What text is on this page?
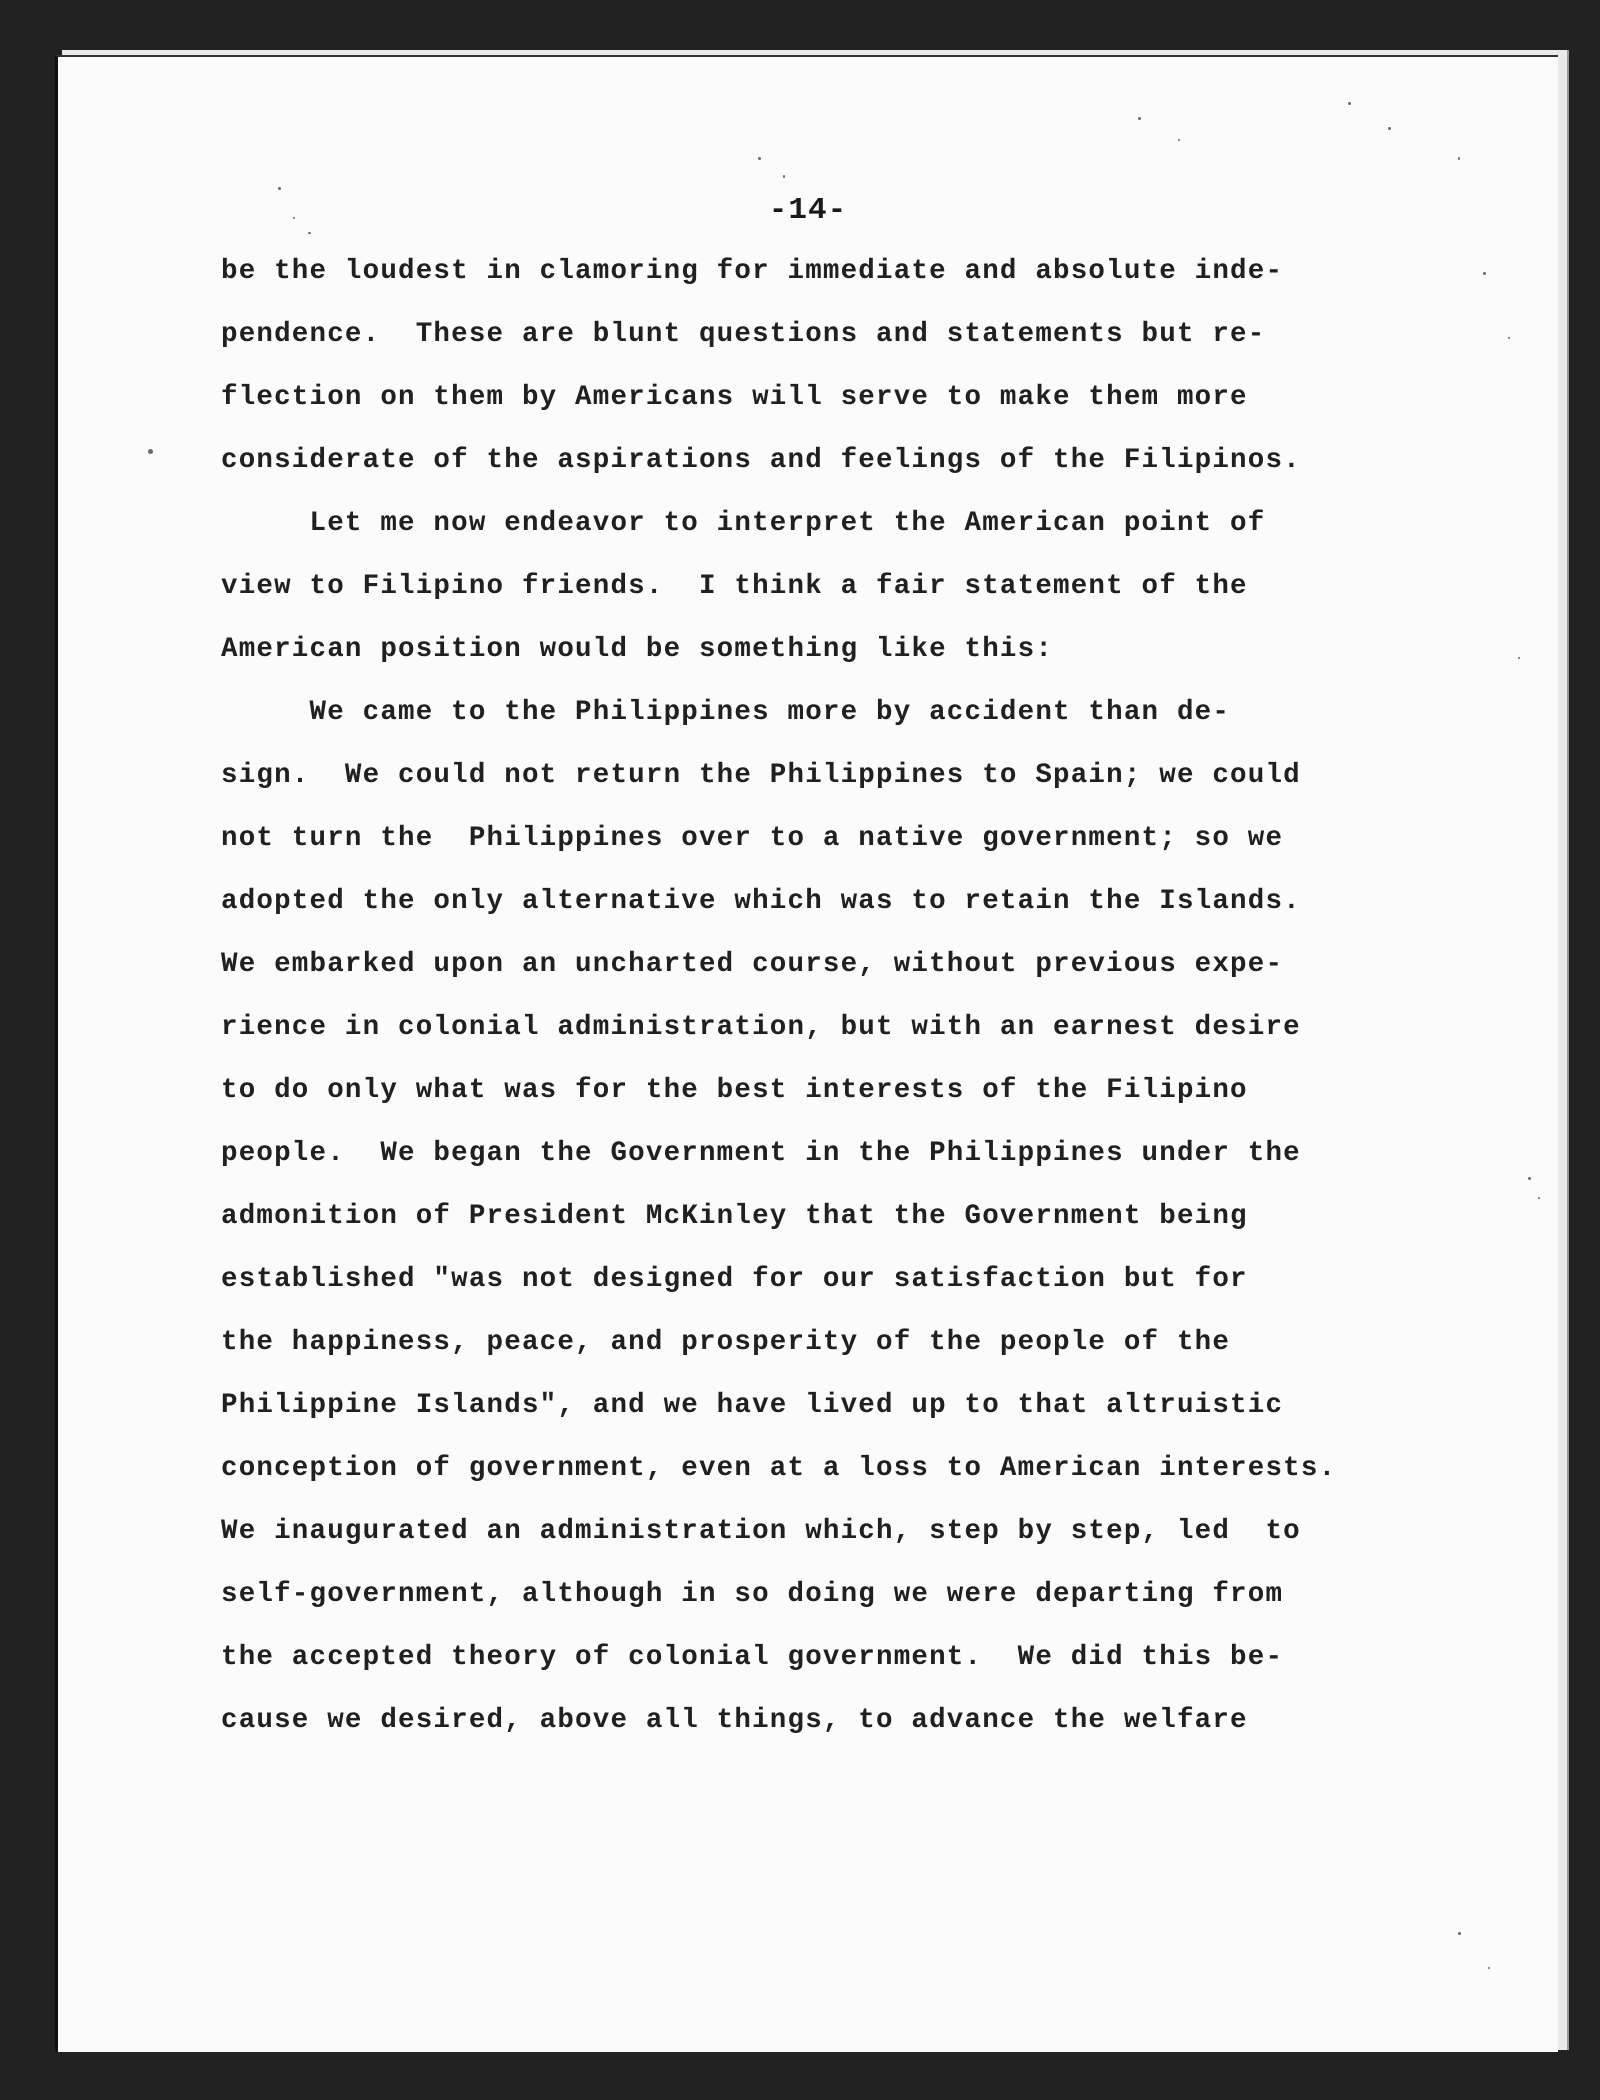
-14-
be the loudest in clamoring for immediate and absolute inde-
pendence.  These are blunt questions and statements but re-
flection on them by Americans will serve to make them more
considerate of the aspirations and feelings of the Filipinos.
Let me now endeavor to interpret the American point of
view to Filipino friends.  I think a fair statement of the
American position would be something like this:
We came to the Philippines more by accident than de-
sign.  We could not return the Philippines to Spain; we could
not turn the  Philippines over to a native government; so we
adopted the only alternative which was to retain the Islands.
We embarked upon an uncharted course, without previous expe-
rience in colonial administration, but with an earnest desire
to do only what was for the best interests of the Filipino
people.  We began the Government in the Philippines under the
admonition of President McKinley that the Government being
established "was not designed for our satisfaction but for
the happiness, peace, and prosperity of the people of the
Philippine Islands", and we have lived up to that altruistic
conception of government, even at a loss to American interests.
We inaugurated an administration which, step by step, led  to
self-government, although in so doing we were departing from
the accepted theory of colonial government.  We did this be-
cause we desired, above all things, to advance the welfare
